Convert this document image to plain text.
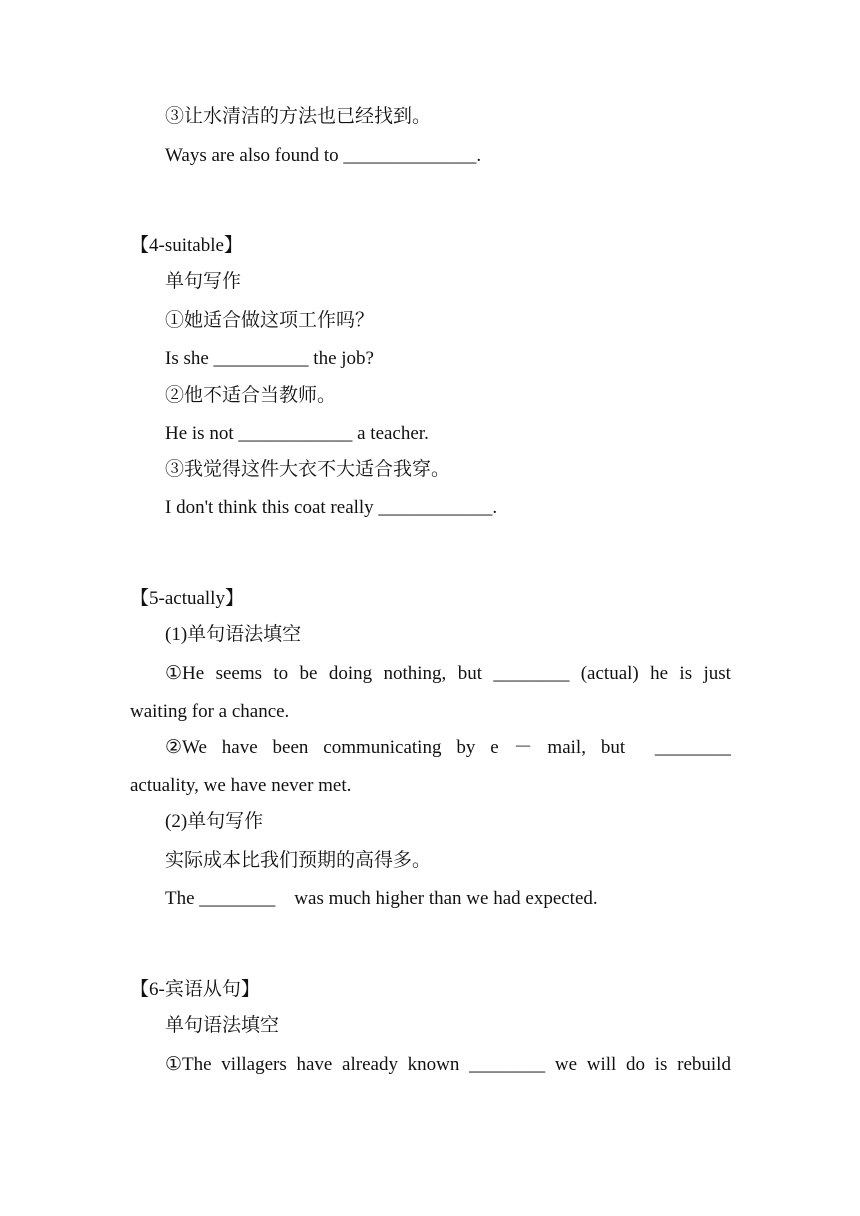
③让水清洁的方法也已经找到。
Ways are also found to ______________.
【4-suitable】
单句写作
①她适合做这项工作吗？
Is she __________ the job?
②他不适合当教师。
He is not ____________ a teacher.
③我觉得这件大衣不大适合我穿。
I don't think this coat really ____________.
【5-actually】
(1)单句语法填空
①He seems to be doing nothing, but ________ (actual) he is just
waiting for a chance.
②We have been communicating by e － mail, but ________
actuality, we have never met.
(2)单句写作
实际成本比我们预期的高得多。
The ________    was much higher than we had expected.
【6-宾语从句】
单句语法填空
①The villagers have already known ________ we will do is rebuild
